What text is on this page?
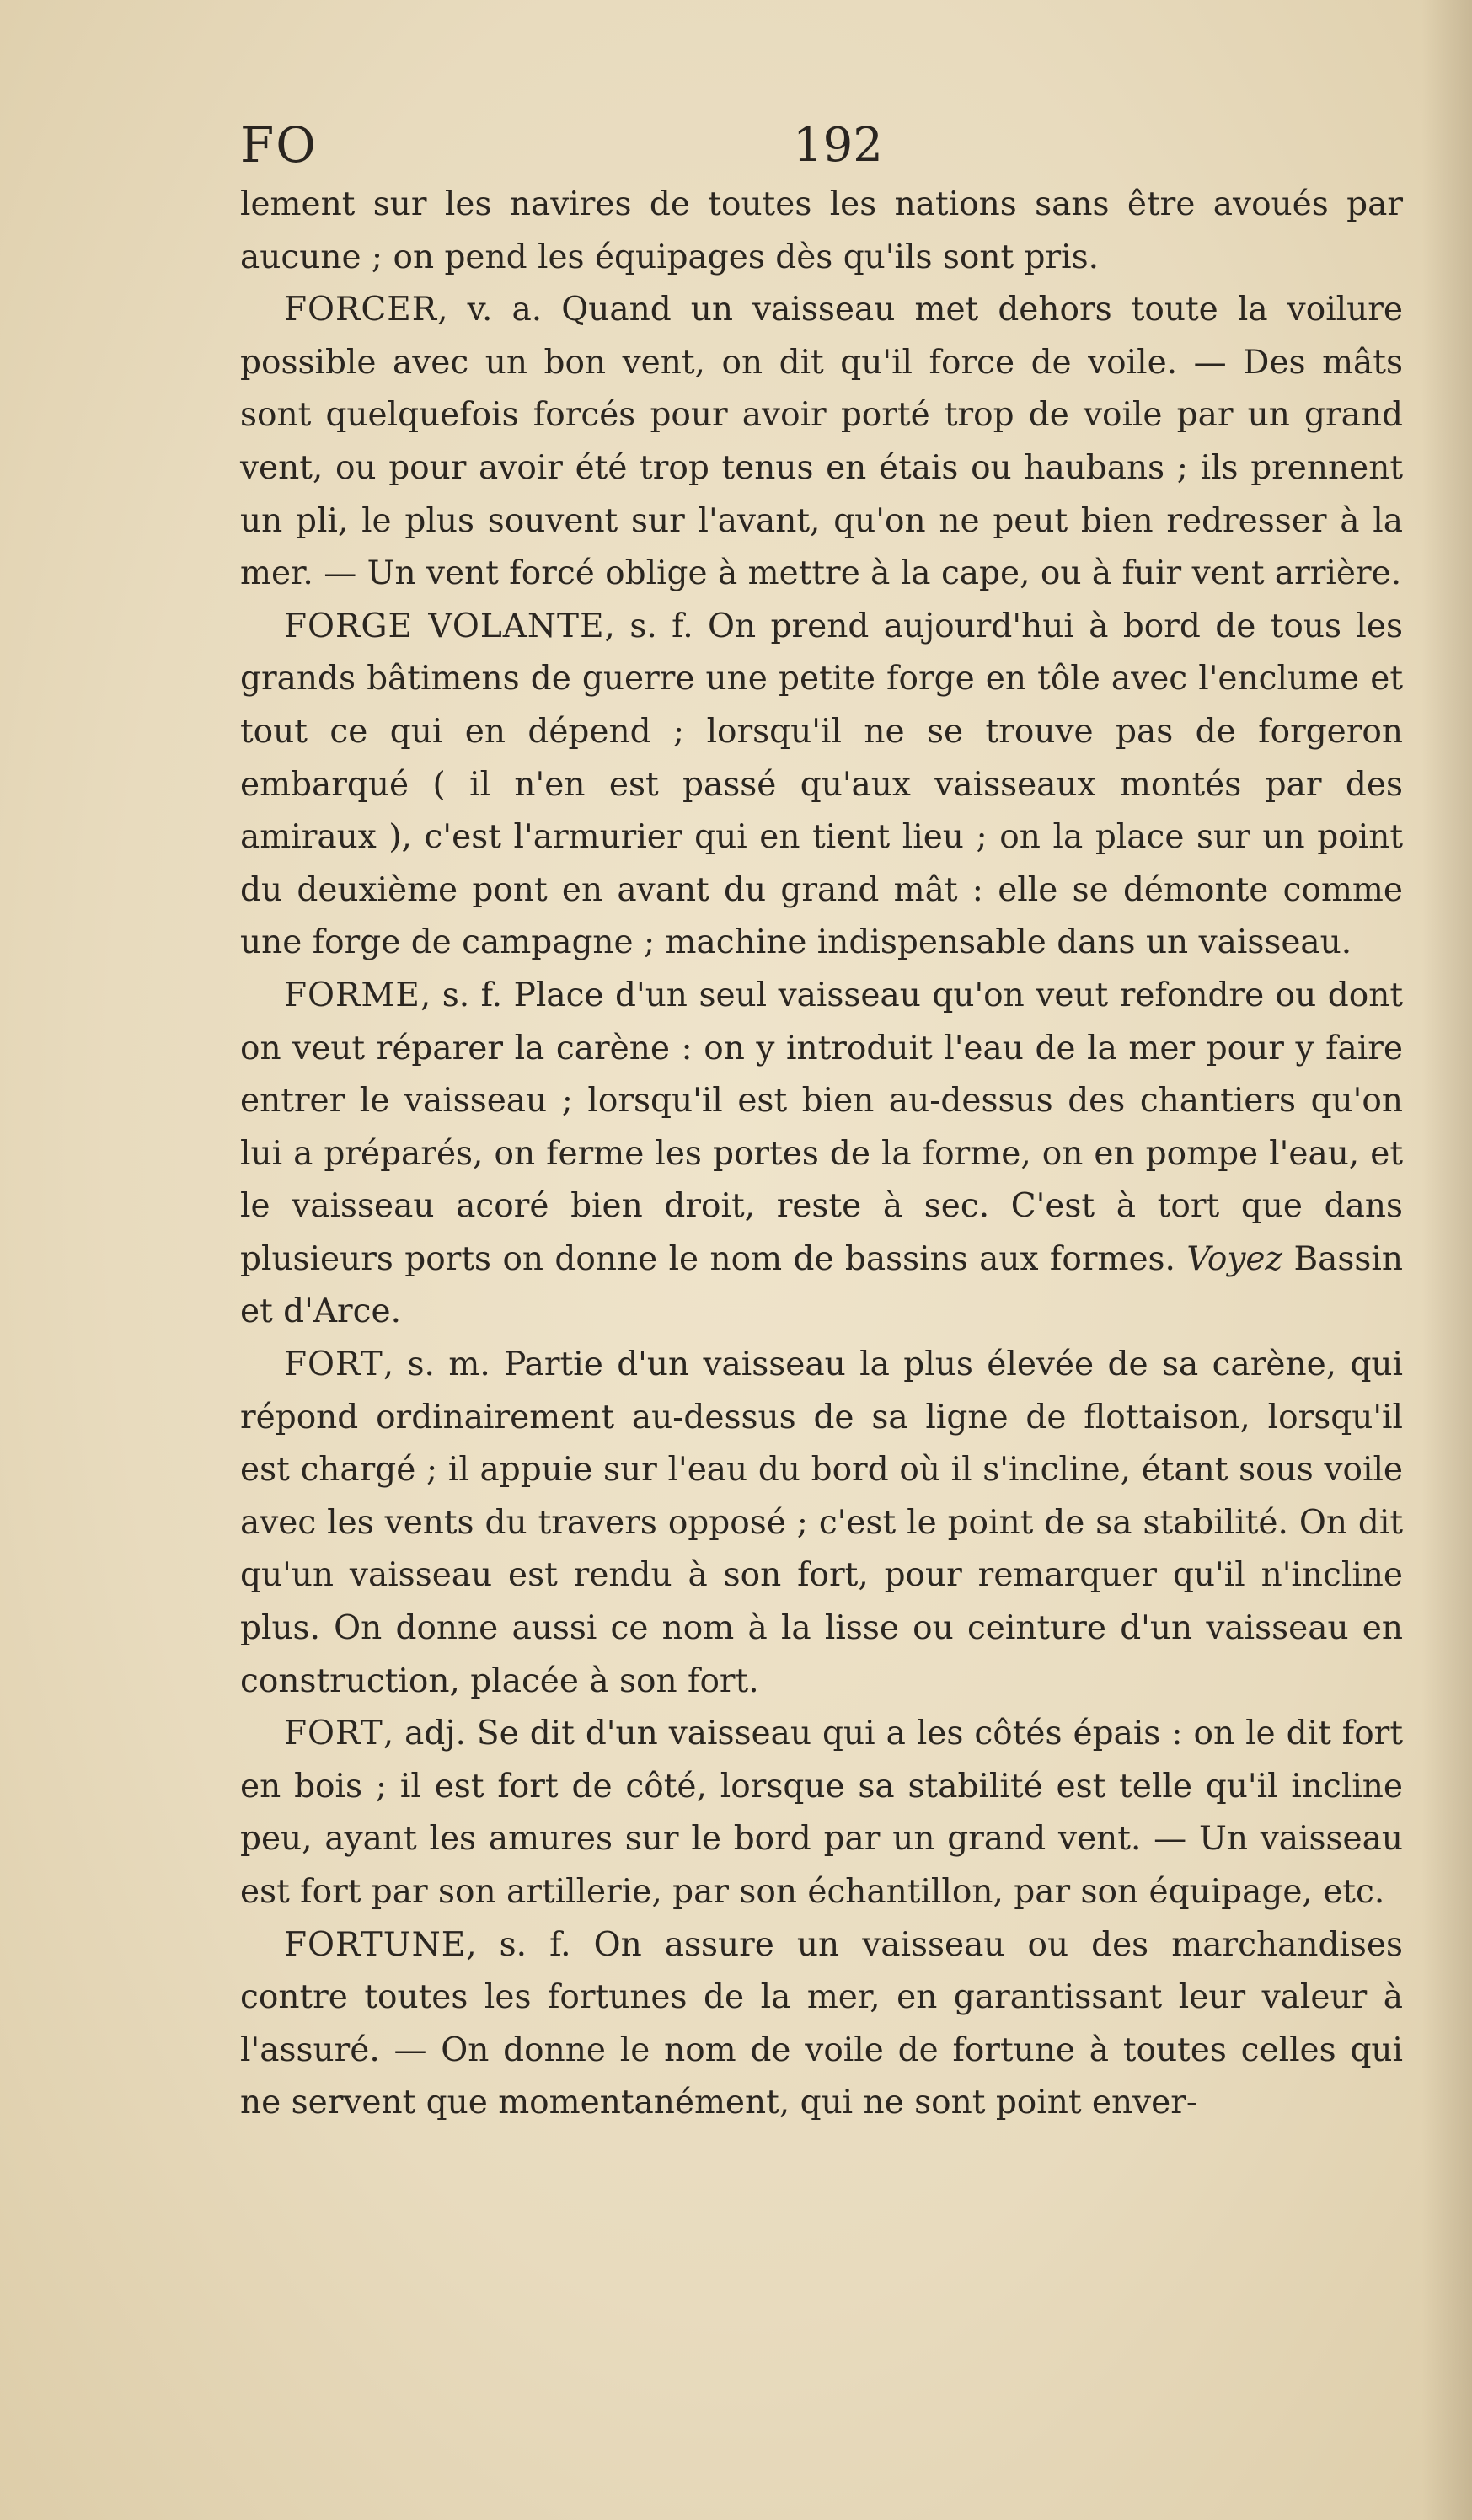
FO	192

lement sur les navires de toutes les nations sans être avoués par aucune ; on pend les équipages dès qu'ils sont pris.

FORCER, v. a. Quand un vaisseau met dehors toute la voilure possible avec un bon vent, on dit qu'il force de voile. — Des mâts sont quelquefois forcés pour avoir porté trop de voile par un grand vent, ou pour avoir été trop tenus en étais ou haubans ; ils prennent un pli, le plus souvent sur l'avant, qu'on ne peut bien redresser à la mer. — Un vent forcé oblige à mettre à la cape, ou à fuir vent arrière.

FORGE VOLANTE, s. f. On prend aujourd'hui à bord de tous les grands bâtimens de guerre une petite forge en tôle avec l'enclume et tout ce qui en dépend ; lorsqu'il ne se trouve pas de forgeron embarqué ( il n'en est passé qu'aux vaisseaux montés par des amiraux ), c'est l'armurier qui en tient lieu ; on la place sur un point du deuxième pont en avant du grand mât : elle se démonte comme une forge de campagne ; machine indispensable dans un vaisseau.

FORME, s. f. Place d'un seul vaisseau qu'on veut refondre ou dont on veut réparer la carène : on y introduit l'eau de la mer pour y faire entrer le vaisseau ; lorsqu'il est bien au-dessus des chantiers qu'on lui a préparés, on ferme les portes de la forme, on en pompe l'eau, et le vaisseau acoré bien droit, reste à sec. C'est à tort que dans plusieurs ports on donne le nom de bassins aux formes. Voyez Bassin et d'Arce.

FORT, s. m. Partie d'un vaisseau la plus élevée de sa carène, qui répond ordinairement au-dessus de sa ligne de flottaison, lorsqu'il est chargé ; il appuie sur l'eau du bord où il s'incline, étant sous voile avec les vents du travers opposé ; c'est le point de sa stabilité. On dit qu'un vaisseau est rendu à son fort, pour remarquer qu'il n'incline plus. On donne aussi ce nom à la lisse ou ceinture d'un vaisseau en construction, placée à son fort.

FORT, adj. Se dit d'un vaisseau qui a les côtés épais : on le dit fort en bois ; il est fort de côté, lorsque sa stabilité est telle qu'il incline peu, ayant les amures sur le bord par un grand vent. — Un vaisseau est fort par son artillerie, par son échantillon, par son équipage, etc.

FORTUNE, s. f. On assure un vaisseau ou des marchandises contre toutes les fortunes de la mer, en garantissant leur valeur à l'assuré. — On donne le nom de voile de fortune à toutes celles qui ne servent que momentanément, qui ne sont point enver-
